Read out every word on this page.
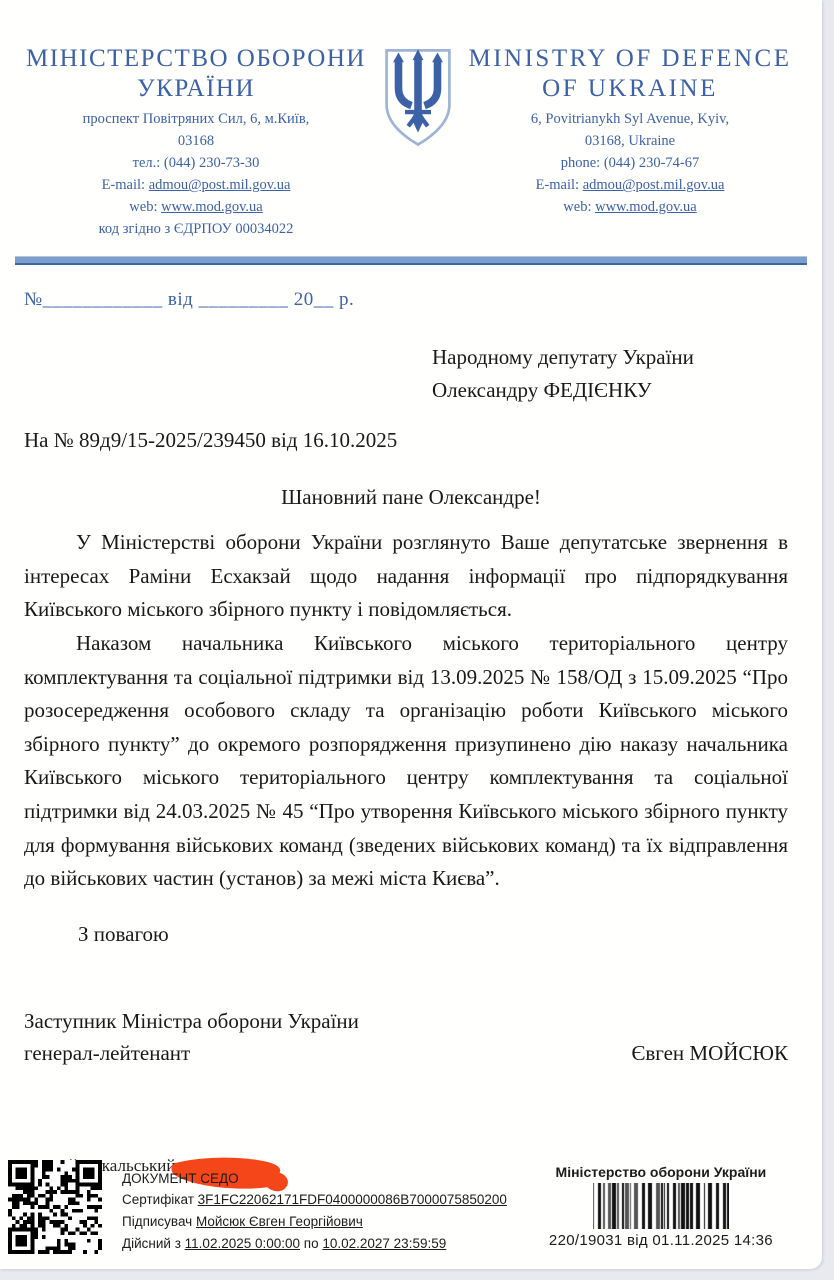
МІНІСТЕРСТВО ОБОРОНИ УКРАЇНИ
проспект Повітряних Сил, 6, м.Київ,
03168
тел.: (044) 230-73-30
E-mail: admou@post.mil.gov.ua
web: www.mod.gov.ua
код згідно з ЄДРПОУ 00034022
MINISTRY OF DEFENCE OF UKRAINE
6, Povitrianykh Syl Avenue, Kyiv,
03168, Ukraine
phone: (044) 230-74-67
E-mail: admou@post.mil.gov.ua
web: www.mod.gov.ua
№____________ від _________ 20__ р.
Народному депутату України
Олександру ФЕДІЄНКУ
На № 89д9/15-2025/239450 від 16.10.2025
Шановний пане Олександре!

У Міністерстві оборони України розглянуто Ваше депутатське звернення в інтересах Раміни Есхакзай щодо надання інформації про підпорядкування Київського міського збірного пункту і повідомляється.

Наказом начальника Київського міського територіального центру комплектування та соціальної підтримки від 13.09.2025 № 158/ОД з 15.09.2025 “Про розосередження особового складу та організацію роботи Київського міського збірного пункту” до окремого розпорядження призупинено дію наказу начальника Київського міського територіального центру комплектування та соціальної підтримки від 24.03.2025 № 45 “Про утворення Київського міського збірного пункту для формування військових команд (зведених військових команд) та їх відправлення до військових частин (установ) за межі міста Києва”.

З повагою
Заступник Міністра оборони України
генерал-лейтенант	Євген МОЙСЮК
Сокальський,
ДОКУМЕНТ СЕДО
Сертифікат 3F1FC22062171FDF0400000086B7000075850200
Підписувач Мойсюк Євген Георгійович
Дійсний з 11.02.2025 0:00:00 по 10.02.2027 23:59:59
Міністерство оборони України
220/19031 від 01.11.2025 14:36
